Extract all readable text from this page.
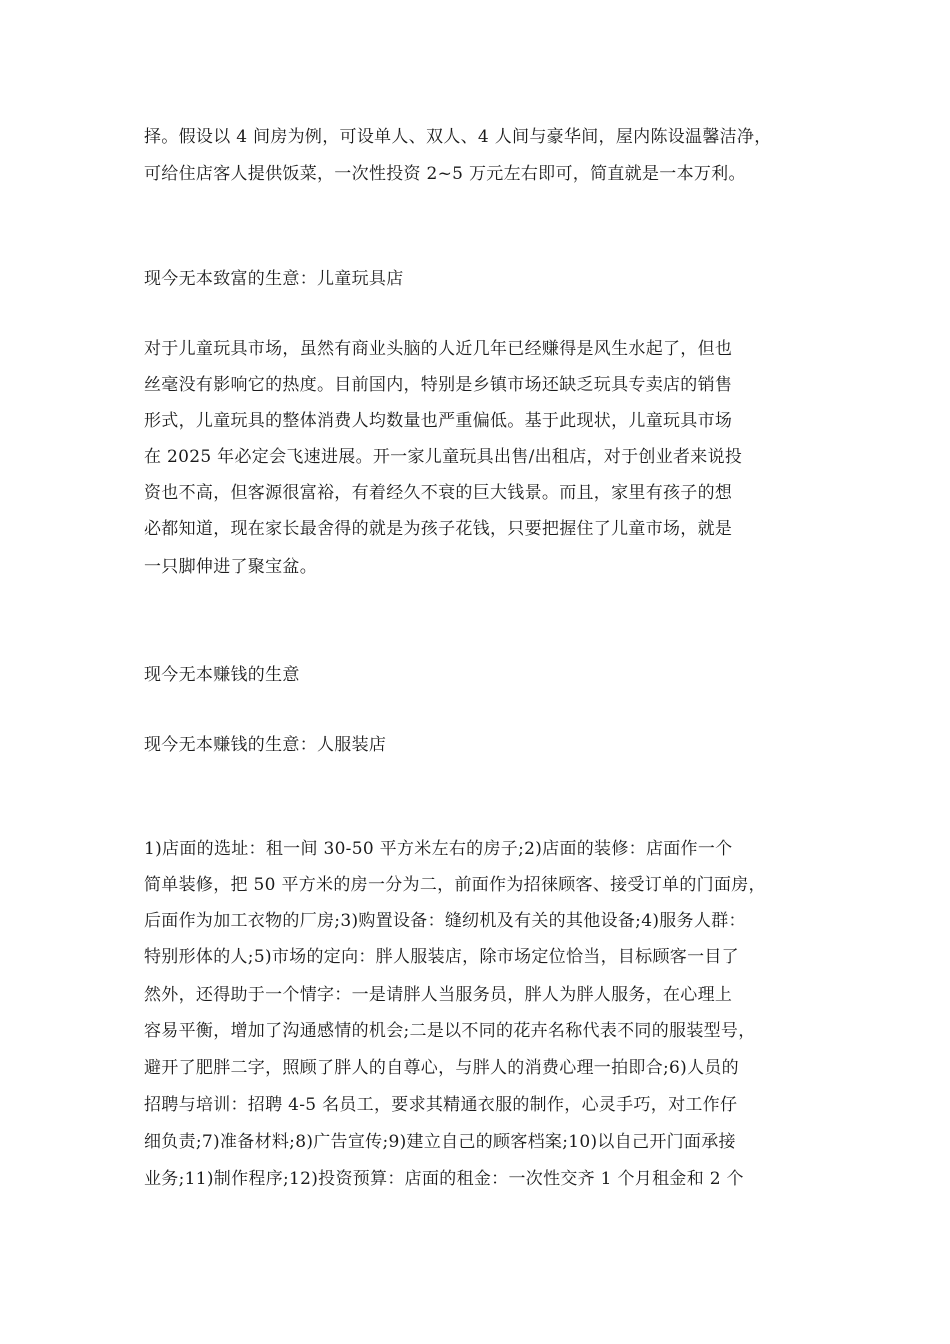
择。假设以 4 间房为例，可设单人、双人、4 人间与豪华间，屋内陈设温馨洁净，
可给住店客人提供饭菜，一次性投资 2~5 万元左右即可，简直就是一本万利。
现今无本致富的生意：儿童玩具店
对于儿童玩具市场，虽然有商业头脑的人近几年已经赚得是风生水起了，但也
丝毫没有影响它的热度。目前国内，特别是乡镇市场还缺乏玩具专卖店的销售
形式，儿童玩具的整体消费人均数量也严重偏低。基于此现状，儿童玩具市场
在 2025 年必定会飞速进展。开一家儿童玩具出售/出租店，对于创业者来说投
资也不高，但客源很富裕，有着经久不衰的巨大钱景。而且，家里有孩子的想
必都知道，现在家长最舍得的就是为孩子花钱，只要把握住了儿童市场，就是
一只脚伸进了聚宝盆。
现今无本赚钱的生意
现今无本赚钱的生意：人服装店
1)店面的选址：租一间 30-50 平方米左右的房子;2)店面的装修：店面作一个
简单装修，把 50 平方米的房一分为二，前面作为招徕顾客、接受订单的门面房，
后面作为加工衣物的厂房;3)购置设备：缝纫机及有关的其他设备;4)服务人群：
特别形体的人;5)市场的定向：胖人服装店，除市场定位恰当，目标顾客一目了
然外，还得助于一个情字：一是请胖人当服务员，胖人为胖人服务，在心理上
容易平衡，增加了沟通感情的机会;二是以不同的花卉名称代表不同的服装型号，
避开了肥胖二字，照顾了胖人的自尊心，与胖人的消费心理一拍即合;6)人员的
招聘与培训：招聘 4-5 名员工，要求其精通衣服的制作，心灵手巧，对工作仔
细负责;7)准备材料;8)广告宣传;9)建立自己的顾客档案;10)以自己开门面承接
业务;11)制作程序;12)投资预算：店面的租金：一次性交齐 1 个月租金和 2 个
